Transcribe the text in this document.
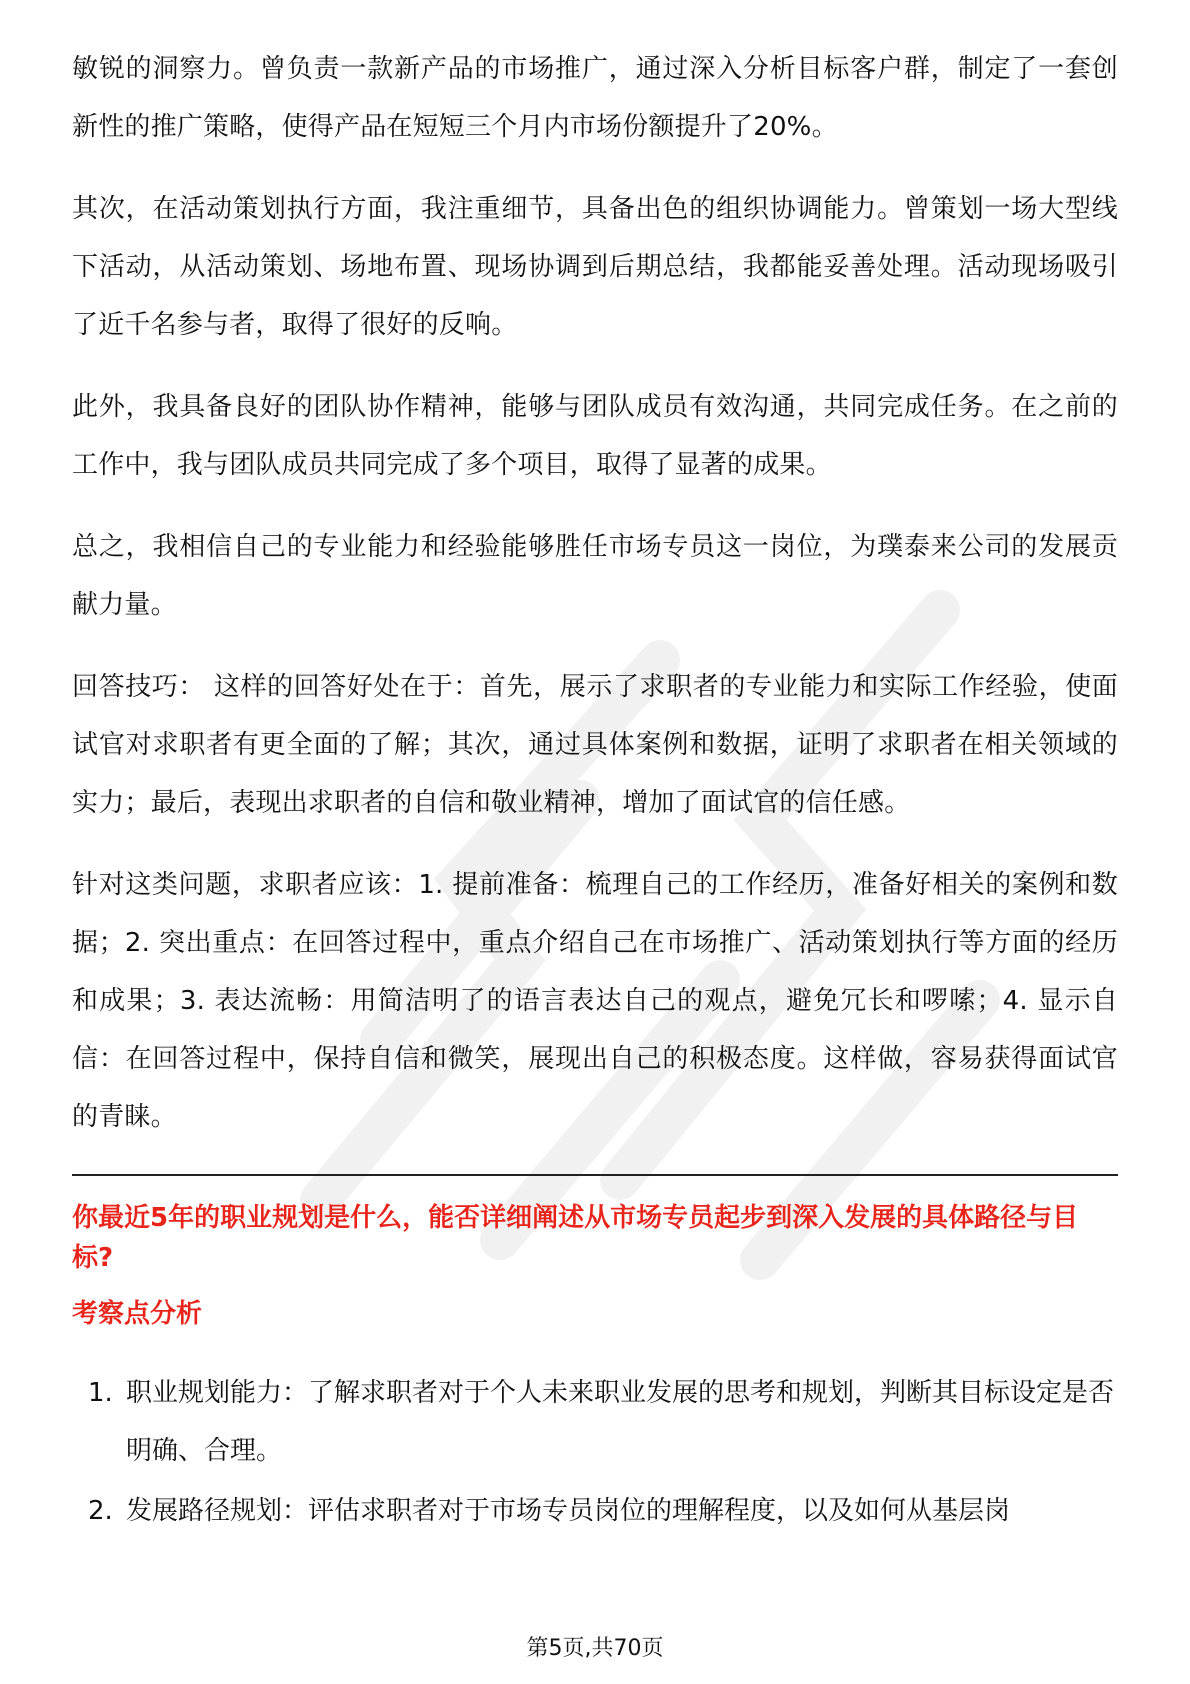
敏锐的洞察力。曾负责一款新产品的市场推广，通过深入分析目标客户群，制定了一套创新性的推广策略，使得产品在短短三个月内市场份额提升了20%。

其次，在活动策划执行方面，我注重细节，具备出色的组织协调能力。曾策划一场大型线下活动，从活动策划、场地布置、现场协调到后期总结，我都能妥善处理。活动现场吸引了近千名参与者，取得了很好的反响。

此外，我具备良好的团队协作精神，能够与团队成员有效沟通，共同完成任务。在之前的工作中，我与团队成员共同完成了多个项目，取得了显著的成果。

总之，我相信自己的专业能力和经验能够胜任市场专员这一岗位，为璞泰来公司的发展贡献力量。

回答技巧： 这样的回答好处在于：首先，展示了求职者的专业能力和实际工作经验，使面试官对求职者有更全面的了解；其次，通过具体案例和数据，证明了求职者在相关领域的实力；最后，表现出求职者的自信和敬业精神，增加了面试官的信任感。

针对这类问题，求职者应该：1. 提前准备：梳理自己的工作经历，准备好相关的案例和数据；2. 突出重点：在回答过程中，重点介绍自己在市场推广、活动策划执行等方面的经历和成果；3. 表达流畅：用简洁明了的语言表达自己的观点，避免冗长和啰嗦；4. 显示自信：在回答过程中，保持自信和微笑，展现出自己的积极态度。这样做，容易获得面试官的青睐。

你最近5年的职业规划是什么，能否详细阐述从市场专员起步到深入发展的具体路径与目标?
考察点分析
1. 职业规划能力：了解求职者对于个人未来职业发展的思考和规划，判断其目标设定是否明确、合理。
2. 发展路径规划：评估求职者对于市场专员岗位的理解程度，以及如何从基层岗
第5页,共70页
